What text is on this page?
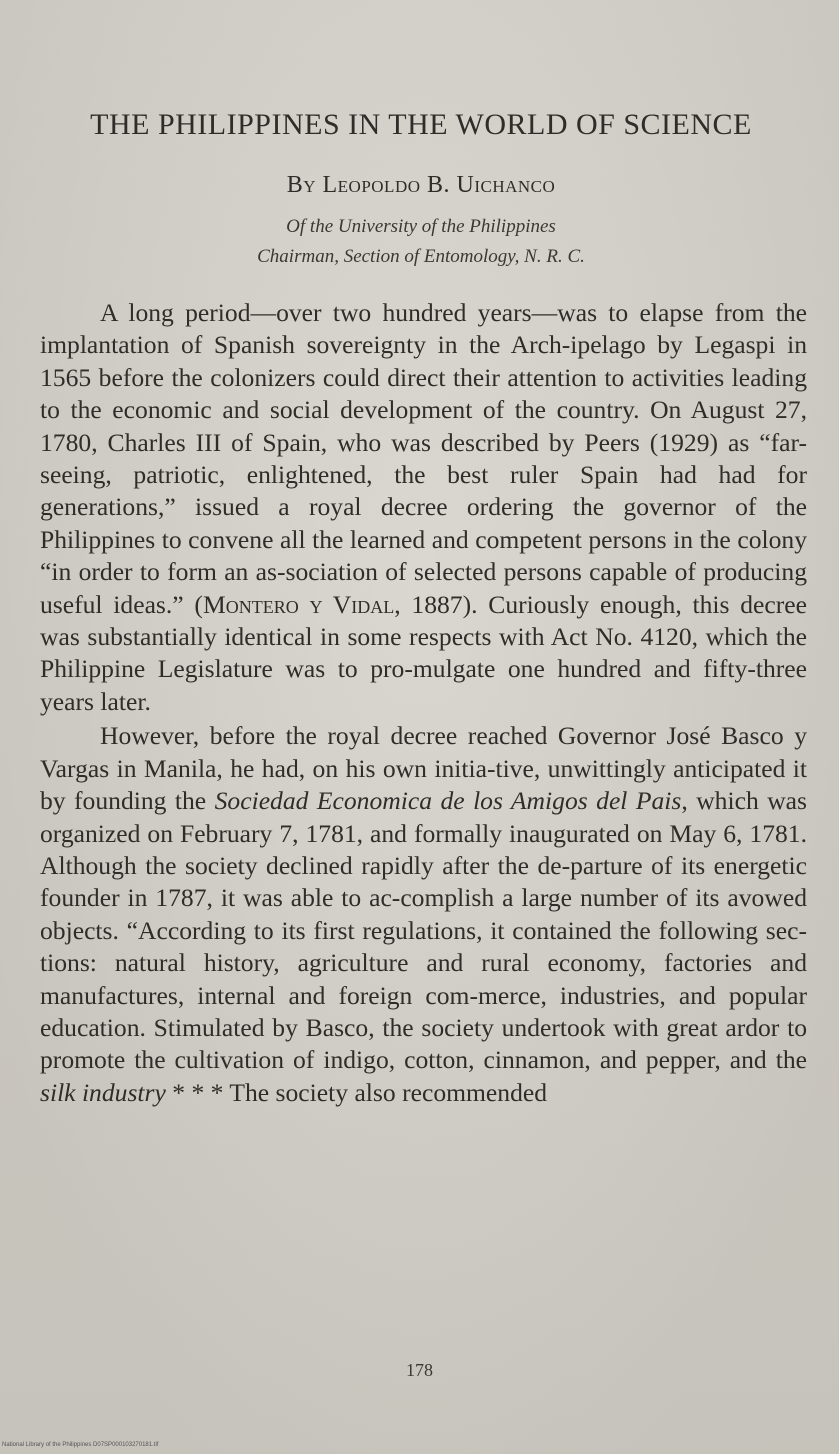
THE PHILIPPINES IN THE WORLD OF SCIENCE
By Leopoldo B. Uichanco
Of the University of the Philippines
Chairman, Section of Entomology, N. R. C.

A long period—over two hundred years—was to elapse from the implantation of Spanish sovereignty in the Arch-ipelago by Legaspi in 1565 before the colonizers could direct their attention to activities leading to the economic and social development of the country. On August 27, 1780, Charles III of Spain, who was described by Peers (1929) as “far-seeing, patriotic, enlightened, the best ruler Spain had had for generations,” issued a royal decree ordering the governor of the Philippines to convene all the learned and competent persons in the colony “in order to form an as-sociation of selected persons capable of producing useful ideas.” (Montero y Vidal, 1887). Curiously enough, this decree was substantially identical in some respects with Act No. 4120, which the Philippine Legislature was to pro-mulgate one hundred and fifty-three years later.

However, before the royal decree reached Governor José Basco y Vargas in Manila, he had, on his own initia-tive, unwittingly anticipated it by founding the Sociedad Economica de los Amigos del Pais, which was organized on February 7, 1781, and formally inaugurated on May 6, 1781. Although the society declined rapidly after the de-parture of its energetic founder in 1787, it was able to ac-complish a large number of its avowed objects. “According to its first regulations, it contained the following sec-tions: natural history, agriculture and rural economy, factories and manufactures, internal and foreign com-merce, industries, and popular education. Stimulated by Basco, the society undertook with great ardor to promote the cultivation of indigo, cotton, cinnamon, and pepper, and the silk industry * * * The society also recommended

178
National Library of the Philippines D07SP000103270181.tif
